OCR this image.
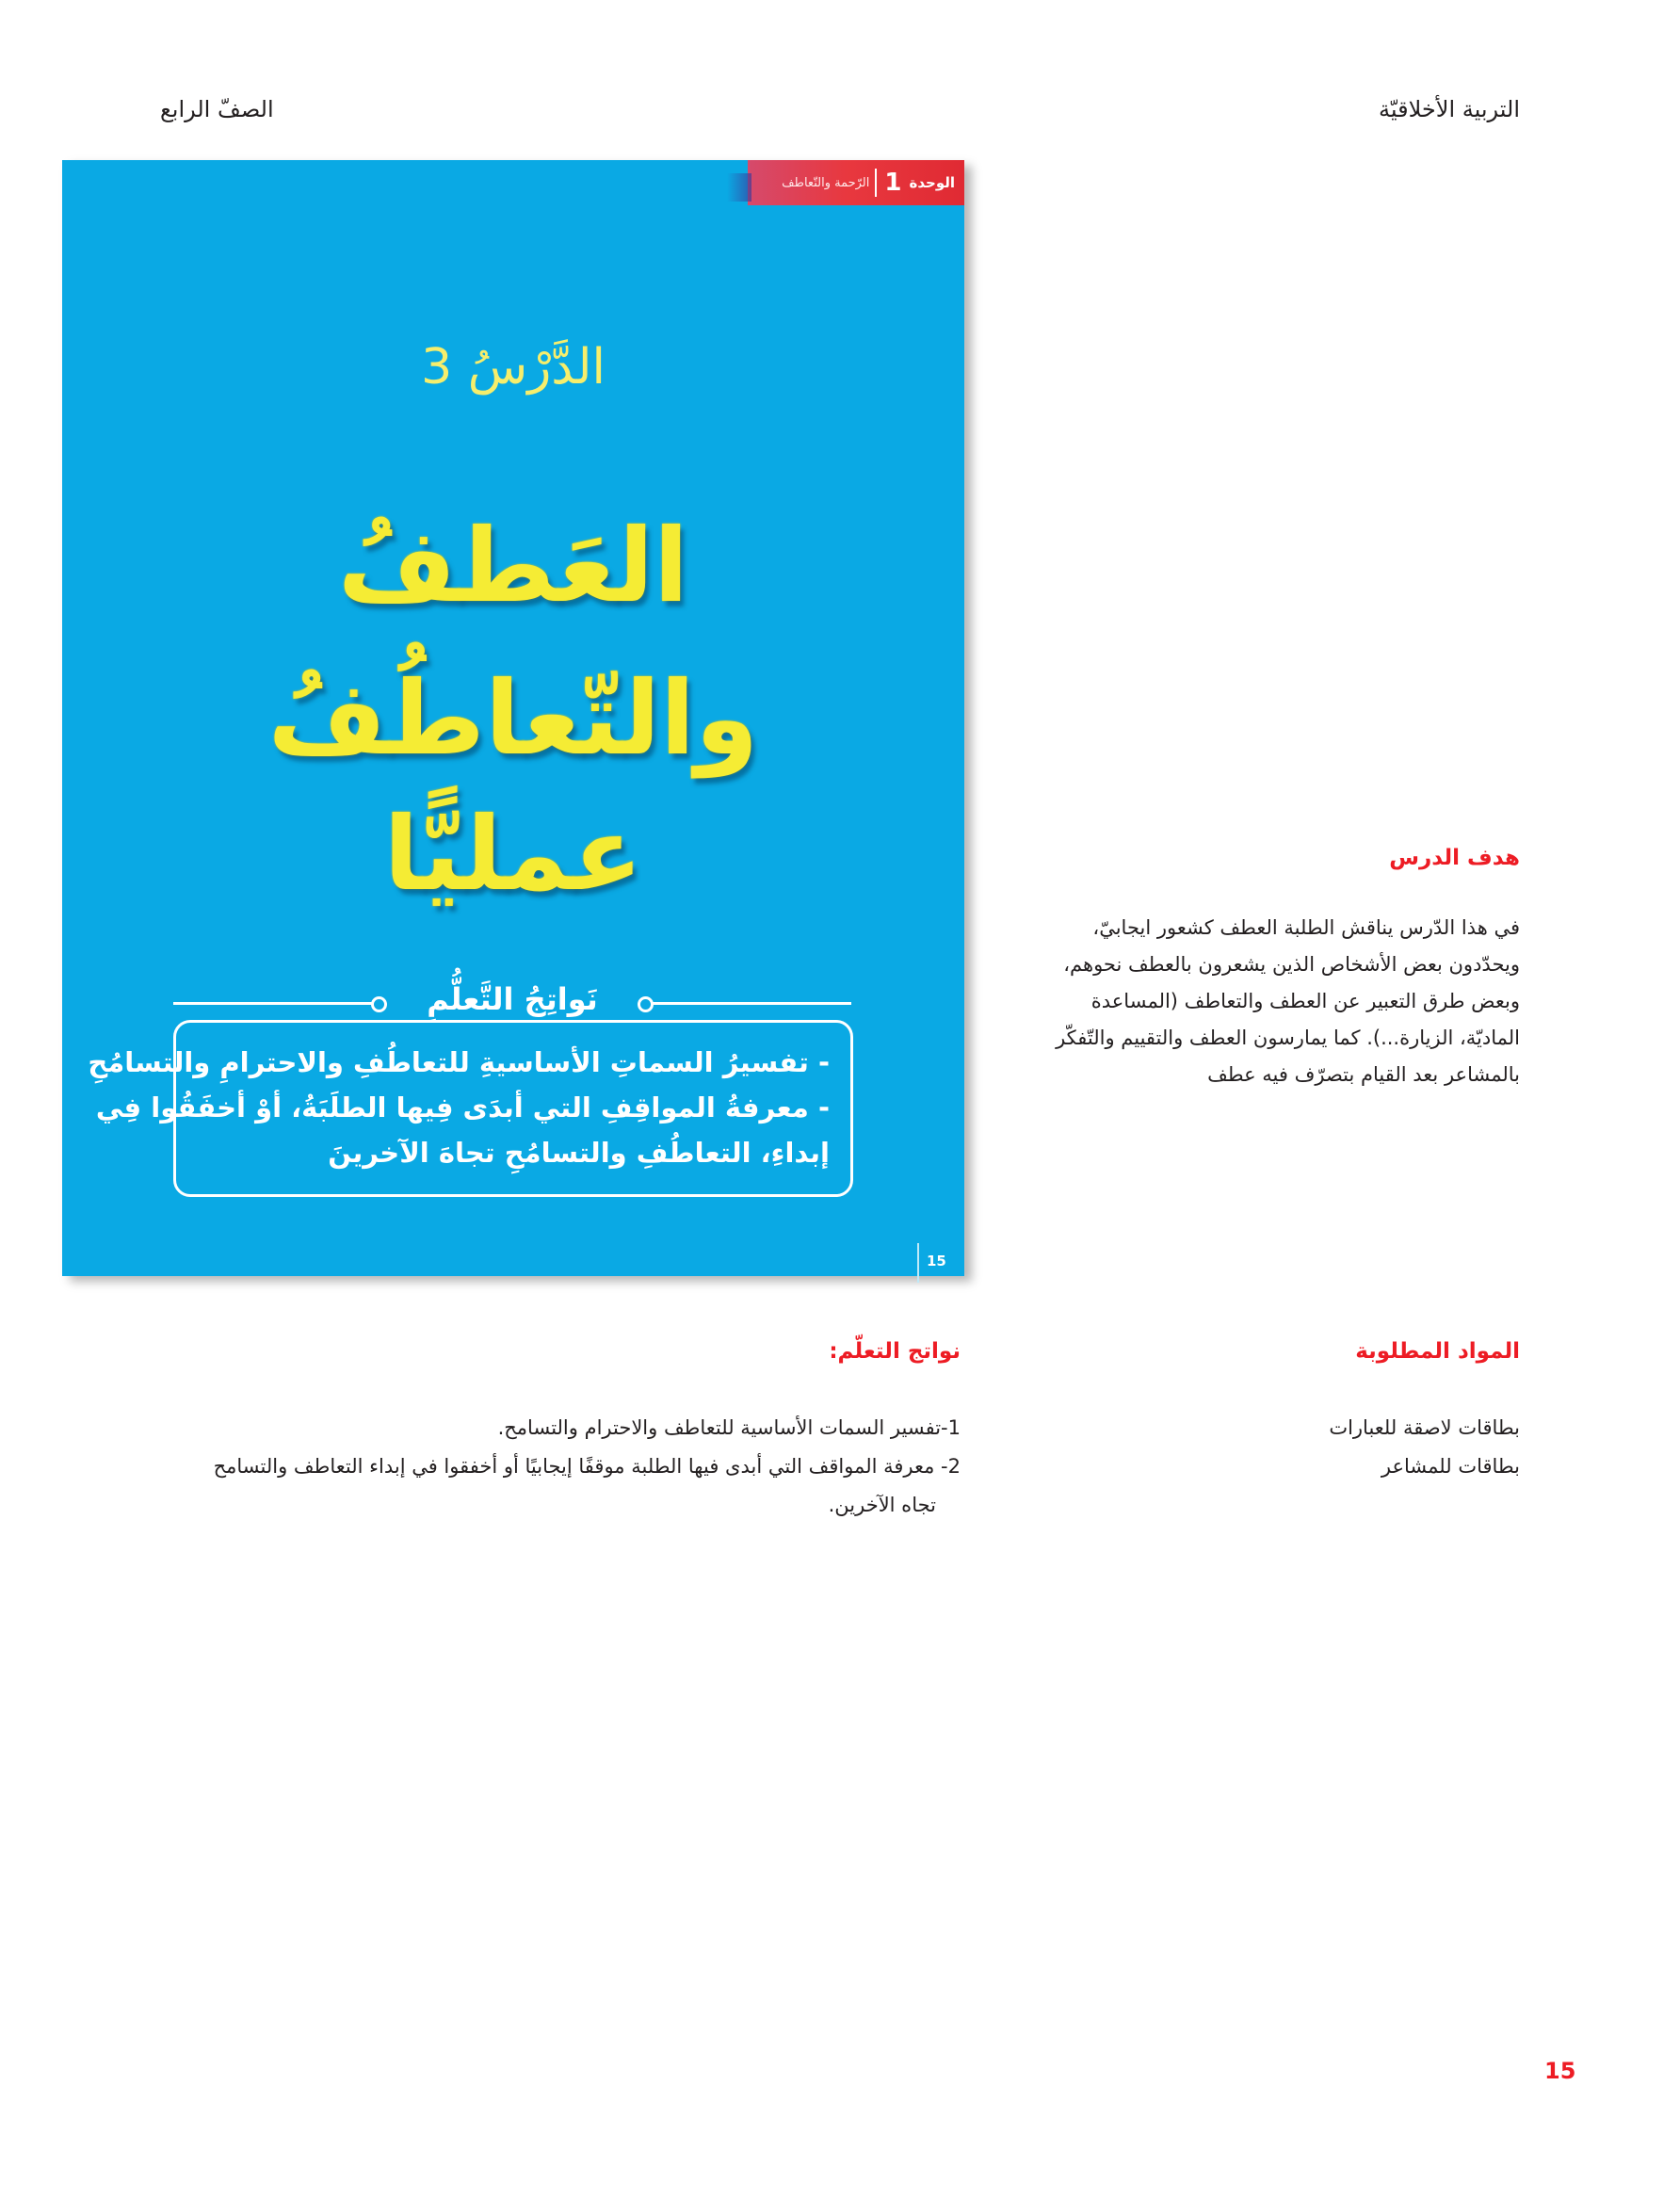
التربية الأخلاقيّة
الصفّ الرابع
الوحدة
1
الرّحمة والتّعاطف
الدَّرْسُ 3
العَطفُ
والتّعاطُفُ
عمليًّا
نَواتِجُ التَّعلُّمِ

- تفسيرُ السماتِ الأساسيةِ للتعاطُفِ والاحترامِ والتسامُحِ

- معرفةُ المواقِفِ التي أبدَى فِيها الطلَبَةُ، أوْ أخفَقُوا فِي

إبداءِ، التعاطُفِ والتسامُحِ تجاهَ الآخرينَ

15
هدف الدرس
في هذا الدّرس يناقش الطلبة العطف كشعور ايجابيّ،
ويحدّدون بعض الأشخاص الذين يشعرون بالعطف نحوهم،
وبعض طرق التعبير عن العطف والتعاطف (المساعدة
الماديّة، الزيارة...). كما يمارسون العطف والتقييم والتّفكّر
بالمشاعر بعد القيام بتصرّف فيه عطف
المواد المطلوبة
بطاقات لاصقة للعبارات
بطاقات للمشاعر
نواتج التعلّم:
1-تفسير السمات الأساسية للتعاطف والاحترام والتسامح.
2- معرفة المواقف التي أبدى فيها الطلبة موقفًا إيجابيًا أو أخفقوا في إبداء التعاطف والتسامح
تجاه الآخرين.
15
